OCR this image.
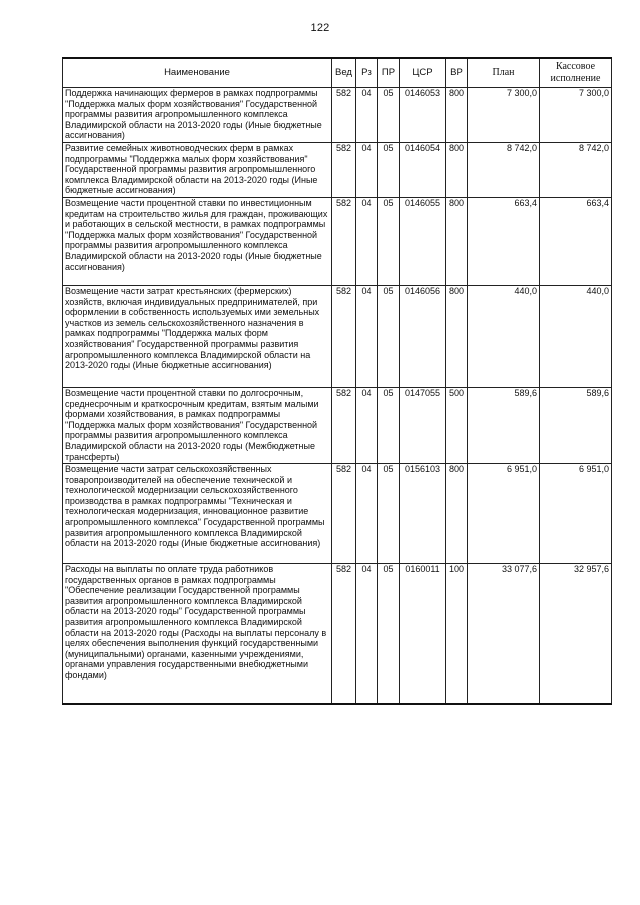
122
Наименование	Вед	Рз	ПР	ЦСР	ВР	План	Кассовое исполнение
Поддержка начинающих фермеров в рамках подпрограммы "Поддержка малых форм хозяйствования" Государственной программы развития агропромышленного комплекса Владимирской области на 2013-2020 годы (Иные бюджетные ассигнования)	582	04	05	0146053	800	7 300,0	7 300,0
Развитие семейных животноводческих ферм в рамках подпрограммы "Поддержка малых форм хозяйствования" Государственной программы развития агропромышленного комплекса Владимирской области на 2013-2020 годы (Иные бюджетные ассигнования)	582	04	05	0146054	800	8 742,0	8 742,0
Возмещение части процентной ставки по инвестиционным кредитам на строительство жилья для граждан, проживающих и работающих в сельской местности, в рамках подпрограммы "Поддержка малых форм хозяйствования" Государственной программы развития агропромышленного комплекса Владимирской области на 2013-2020 годы (Иные бюджетные ассигнования)	582	04	05	0146055	800	663,4	663,4
Возмещение части затрат крестьянских (фермерских) хозяйств, включая индивидуальных предпринимателей, при оформлении в собственность используемых ими земельных участков из земель сельскохозяйственного назначения в рамках подпрограммы "Поддержка малых форм хозяйствования" Государственной программы развития агропромышленного комплекса Владимирской области на 2013-2020 годы (Иные бюджетные ассигнования)	582	04	05	0146056	800	440,0	440,0
Возмещение части процентной ставки по долгосрочным, среднесрочным и краткосрочным кредитам, взятым малыми формами хозяйствования, в рамках подпрограммы "Поддержка малых форм хозяйствования" Государственной программы развития агропромышленного комплекса Владимирской области на 2013-2020 годы (Межбюджетные трансферты)	582	04	05	0147055	500	589,6	589,6
Возмещение части затрат сельскохозяйственных товаропроизводителей на обеспечение технической и технологической модернизации сельскохозяйственного производства в рамках подпрограммы "Техническая и технологическая модернизация, инновационное развитие агропромышленного комплекса" Государственной программы развития агропромышленного комплекса Владимирской области на 2013-2020 годы (Иные бюджетные ассигнования)	582	04	05	0156103	800	6 951,0	6 951,0
Расходы на выплаты по оплате труда работников государственных органов в рамках подпрограммы "Обеспечение реализации Государственной программы развития агропромышленного комплекса Владимирской области на 2013-2020 годы" Государственной программы развития агропромышленного комплекса Владимирской области на 2013-2020 годы (Расходы на выплаты персоналу в целях обеспечения выполнения функций государственными (муниципальными) органами, казенными учреждениями, органами управления государственными внебюджетными фондами)	582	04	05	0160011	100	33 077,6	32 957,6
